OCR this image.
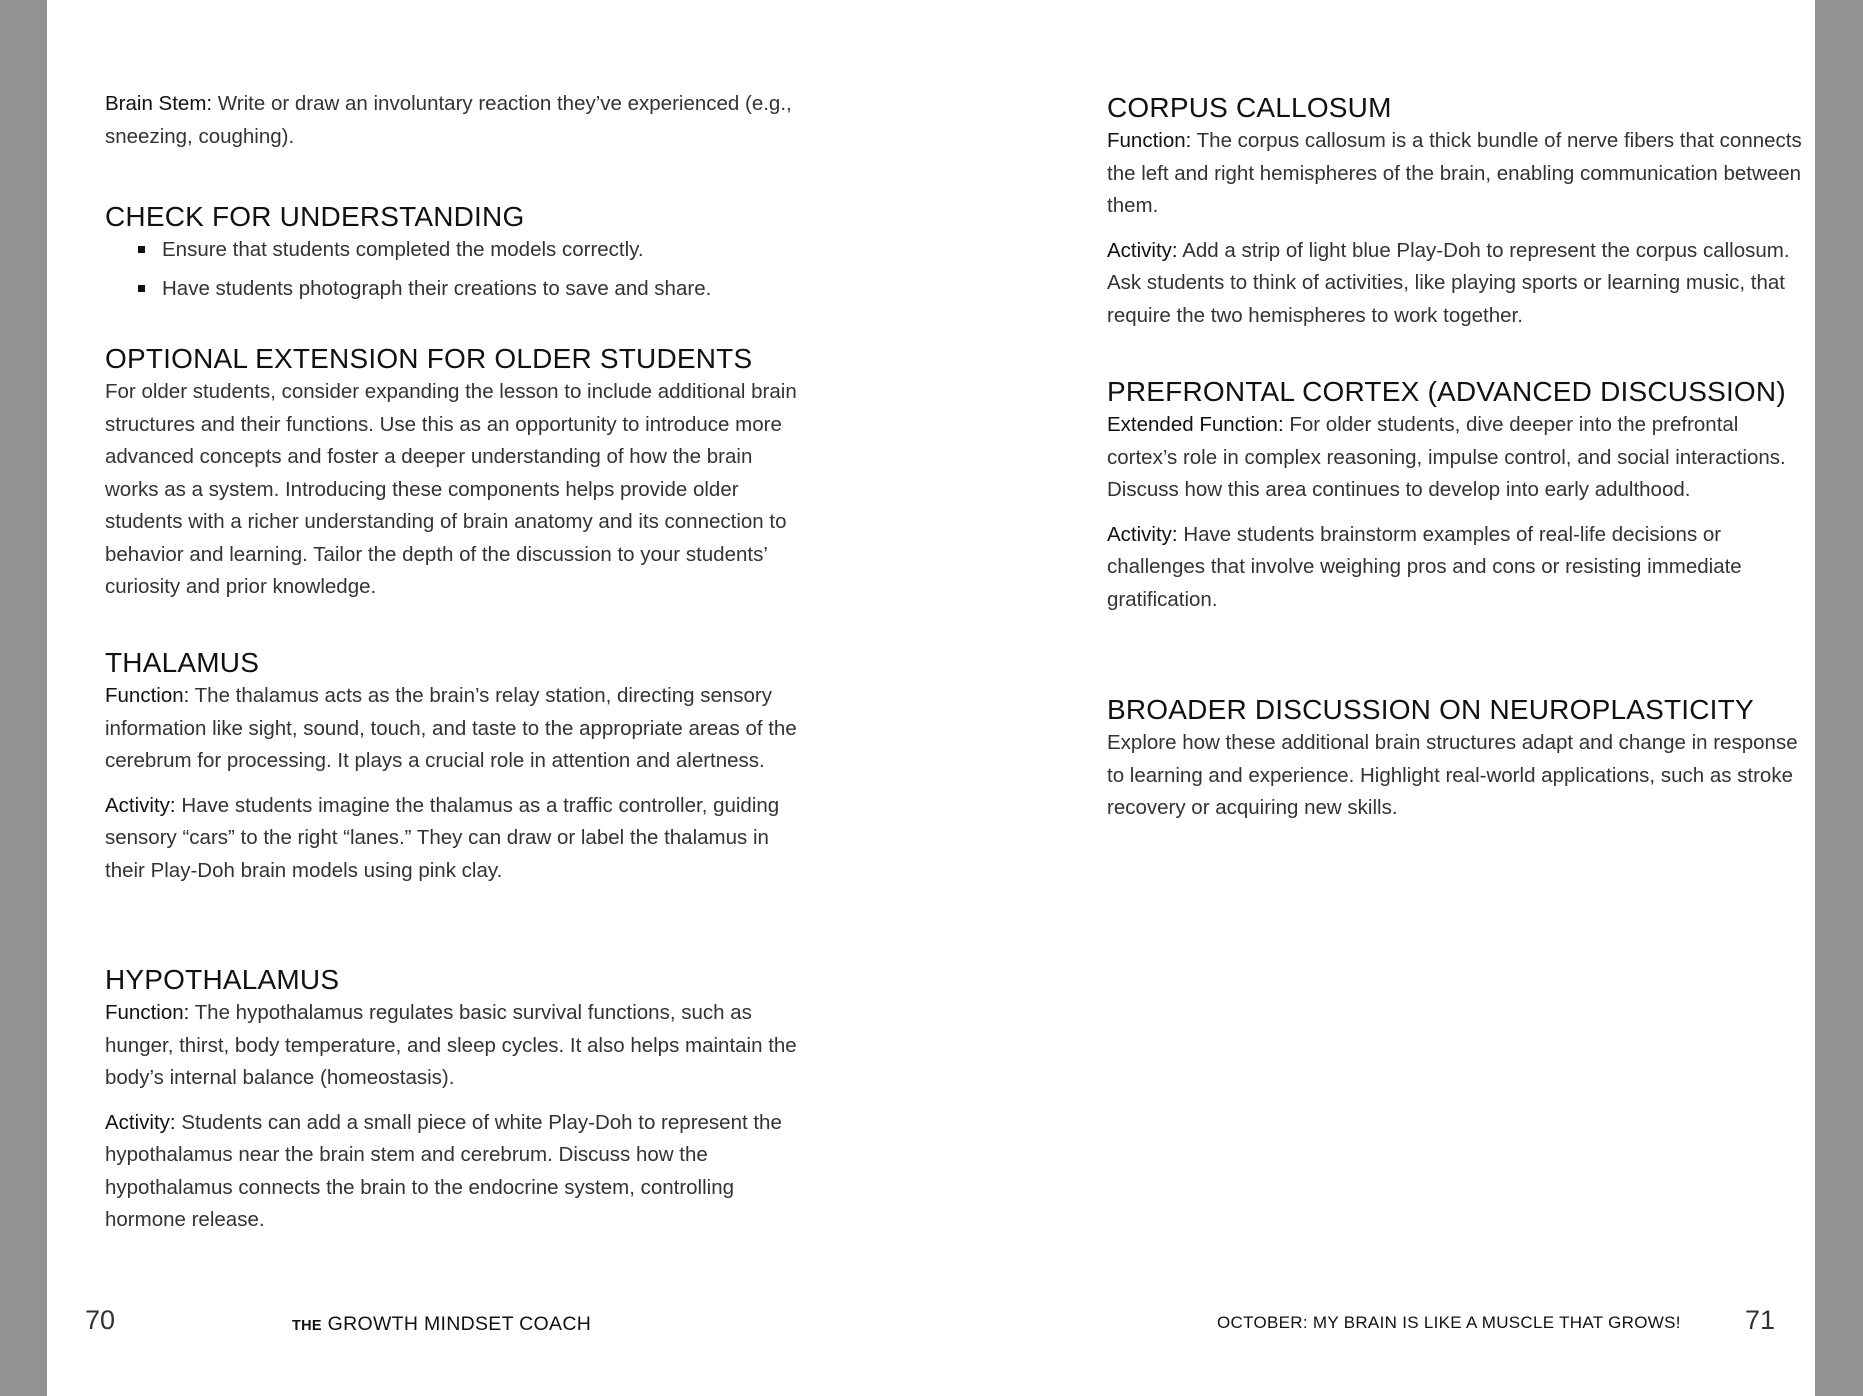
Brain Stem: Write or draw an involuntary reaction they’ve experienced (e.g., sneezing, coughing).

CHECK FOR UNDERSTANDING
Ensure that students completed the models correctly.
Have students photograph their creations to save and share.
OPTIONAL EXTENSION FOR OLDER STUDENTS

For older students, consider expanding the lesson to include additional brain structures and their functions. Use this as an opportunity to introduce more advanced concepts and foster a deeper understanding of how the brain works as a system. Introducing these components helps provide older students with a richer understanding of brain anatomy and its connection to behavior and learning. Tailor the depth of the discussion to your students’ curiosity and prior knowledge.

THALAMUS

Function: The thalamus acts as the brain’s relay station, directing sensory information like sight, sound, touch, and taste to the appropriate areas of the cerebrum for processing. It plays a crucial role in attention and alertness.

Activity: Have students imagine the thalamus as a traffic controller, guiding sensory “cars” to the right “lanes.” They can draw or label the thalamus in their Play-Doh brain models using pink clay.

HYPOTHALAMUS

Function: The hypothalamus regulates basic survival functions, such as hunger, thirst, body temperature, and sleep cycles. It also helps maintain the body’s internal balance (homeostasis).

Activity: Students can add a small piece of white Play-Doh to represent the hypothalamus near the brain stem and cerebrum. Discuss how the hypothalamus connects the brain to the endocrine system, controlling hormone release.

70	THE GROWTH MINDSET COACH
CORPUS CALLOSUM

Function: The corpus callosum is a thick bundle of nerve fibers that connects the left and right hemispheres of the brain, enabling communication between them.

Activity: Add a strip of light blue Play-Doh to represent the corpus callosum. Ask students to think of activities, like playing sports or learning music, that require the two hemispheres to work together.

PREFRONTAL CORTEX (ADVANCED DISCUSSION)

Extended Function: For older students, dive deeper into the prefrontal cortex’s role in complex reasoning, impulse control, and social interactions. Discuss how this area continues to develop into early adulthood.

Activity: Have students brainstorm examples of real-life decisions or challenges that involve weighing pros and cons or resisting immediate gratification.

BROADER DISCUSSION ON NEUROPLASTICITY

Explore how these additional brain structures adapt and change in response to learning and experience. Highlight real-world applications, such as stroke recovery or acquiring new skills.

OCTOBER: MY BRAIN IS LIKE A MUSCLE THAT GROWS! 71
